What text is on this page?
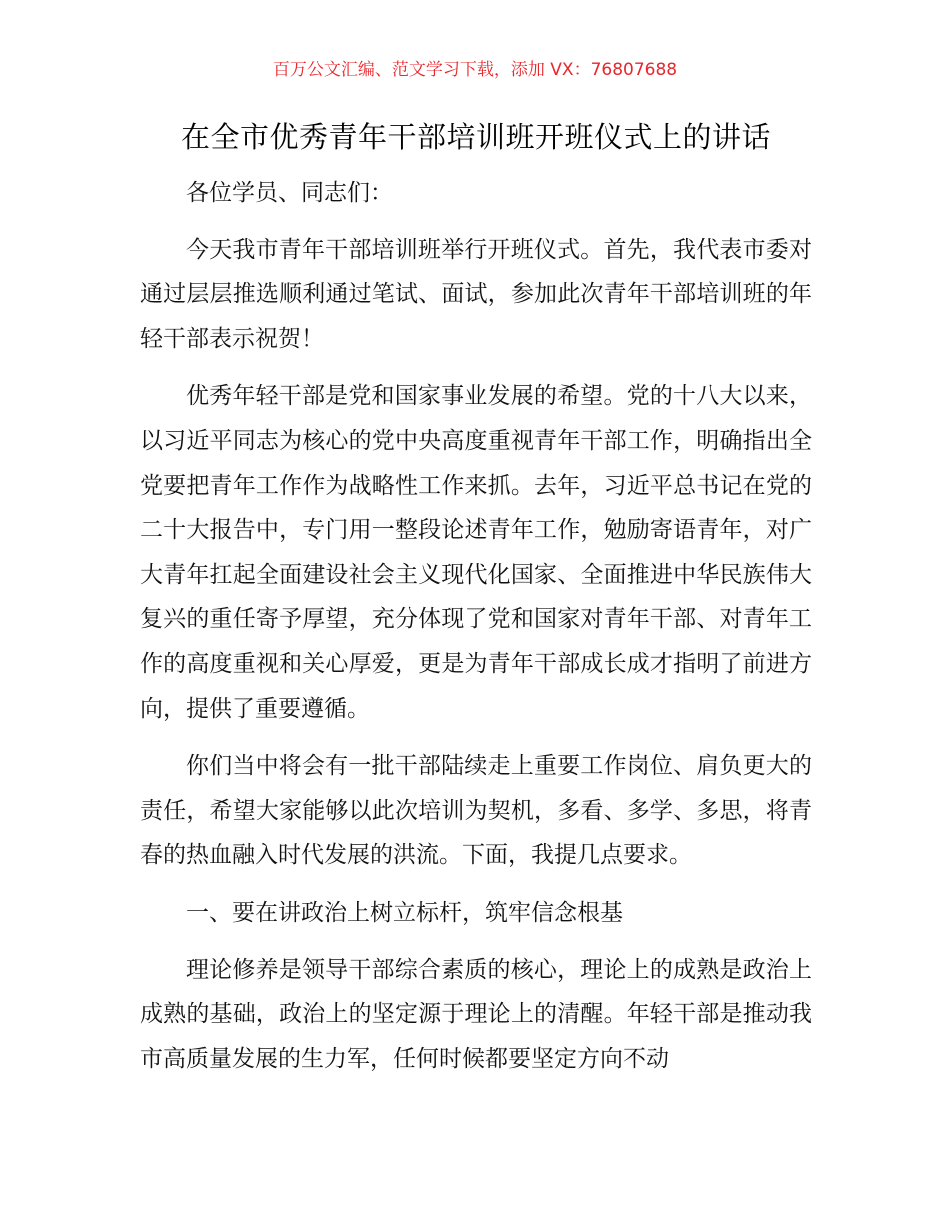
百万公文汇编、范文学习下载，添加 VX：76807688
在全市优秀青年干部培训班开班仪式上的讲话

各位学员、同志们：

今天我市青年干部培训班举行开班仪式。首先，我代表市委对通过层层推选顺利通过笔试、面试，参加此次青年干部培训班的年轻干部表示祝贺！

优秀年轻干部是党和国家事业发展的希望。党的十八大以来，以习近平同志为核心的党中央高度重视青年干部工作，明确指出全党要把青年工作作为战略性工作来抓。去年，习近平总书记在党的二十大报告中，专门用一整段论述青年工作，勉励寄语青年，对广大青年扛起全面建设社会主义现代化国家、全面推进中华民族伟大复兴的重任寄予厚望，充分体现了党和国家对青年干部、对青年工作的高度重视和关心厚爱，更是为青年干部成长成才指明了前进方向，提供了重要遵循。

你们当中将会有一批干部陆续走上重要工作岗位、肩负更大的责任，希望大家能够以此次培训为契机，多看、多学、多思，将青春的热血融入时代发展的洪流。下面，我提几点要求。

一、要在讲政治上树立标杆，筑牢信念根基

理论修养是领导干部综合素质的核心，理论上的成熟是政治上成熟的基础，政治上的坚定源于理论上的清醒。年轻干部是推动我市高质量发展的生力军，任何时候都要坚定方向不动
